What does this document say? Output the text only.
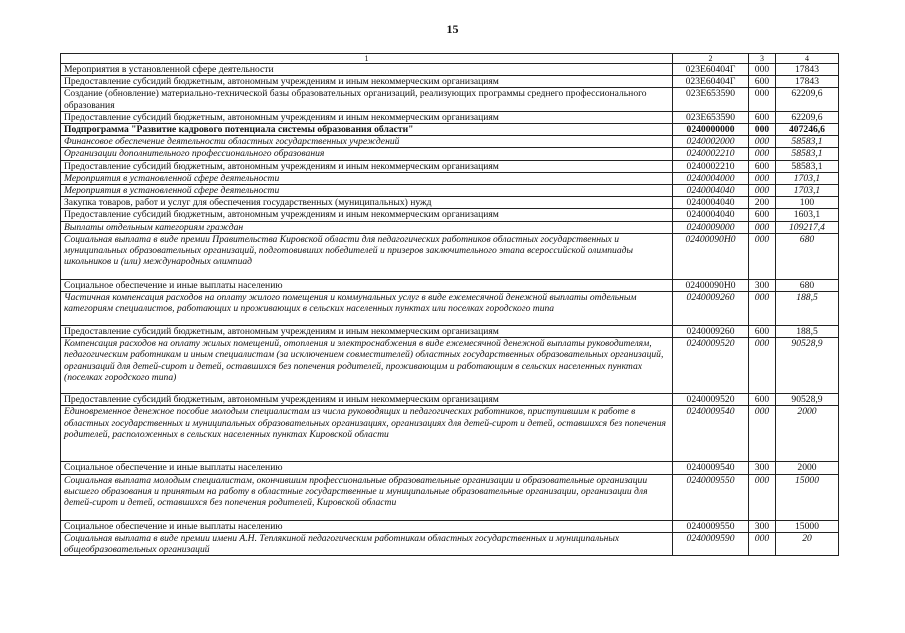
15
1	2	3	4
Мероприятия в установленной сфере деятельности	023Е60404Г	000	17843
Предоставление субсидий бюджетным, автономным учреждениям и иным некоммерческим организациям	023Е60404Г	600	17843
Создание (обновление) материально-технической базы образовательных организаций, реализующих программы среднего профессионального образования	023Е653590	000	62209,6
Предоставление субсидий бюджетным, автономным учреждениям и иным некоммерческим организациям	023Е653590	600	62209,6
Подпрограмма "Развитие кадрового потенциала системы образования области"	0240000000	000	407246,6
Финансовое обеспечение деятельности областных государственных учреждений	0240002000	000	58583,1
Организации дополнительного профессионального образования	0240002210	000	58583,1
Предоставление субсидий бюджетным, автономным учреждениям и иным некоммерческим организациям	0240002210	600	58583,1
Мероприятия в установленной сфере деятельности	0240004000	000	1703,1
Мероприятия в установленной сфере деятельности	0240004040	000	1703,1
Закупка товаров, работ и услуг для обеспечения государственных (муниципальных) нужд	0240004040	200	100
Предоставление субсидий бюджетным, автономным учреждениям и иным некоммерческим организациям	0240004040	600	1603,1
Выплаты отдельным категориям граждан	0240009000	000	109217,4
Социальная выплата в виде премии Правительства Кировской области для педагогических работников областных государственных и муниципальных образовательных организаций, подготовивших победителей и призеров заключительного этапа всероссийской олимпиады школьников и (или) международных олимпиад	02400090Н0	000	680
Социальное обеспечение и иные выплаты населению	02400090Н0	300	680
Частичная компенсация расходов на оплату жилого помещения и коммунальных услуг в виде ежемесячной денежной выплаты отдельным категориям специалистов, работающих и проживающих в сельских населенных пунктах или поселках городского типа	0240009260	000	188,5
Предоставление субсидий бюджетным, автономным учреждениям и иным некоммерческим организациям	0240009260	600	188,5
Компенсация расходов на оплату жилых помещений, отопления и электроснабжения в виде ежемесячной денежной выплаты руководителям, педагогическим работникам и иным специалистам (за исключением совместителей) областных государственных образовательных организаций, организаций для детей-сирот и детей, оставшихся без попечения родителей, проживающим и работающим в сельских населенных пунктах (поселках городского типа)	0240009520	000	90528,9
Предоставление субсидий бюджетным, автономным учреждениям и иным некоммерческим организациям	0240009520	600	90528,9
Единовременное денежное пособие молодым специалистам из числа руководящих и педагогических работников, приступившим к работе в областных государственных и муниципальных образовательных организациях, организациях для детей-сирот и детей, оставшихся без попечения родителей, расположенных в сельских населенных пунктах Кировской области	0240009540	000	2000
Социальное обеспечение и иные выплаты населению	0240009540	300	2000
Социальная выплата молодым специалистам, окончившим профессиональные образовательные организации и образовательные организации высшего образования и принятым на работу в областные государственные и муниципальные образовательные организации, организации для детей-сирот и детей, оставшихся без попечения родителей, Кировской области	0240009550	000	15000
Социальное обеспечение и иные выплаты населению	0240009550	300	15000
Социальная выплата в виде премии имени А.Н. Теплякиной педагогическим работникам областных государственных и муниципальных общеобразовательных организаций	0240009590	000	20
